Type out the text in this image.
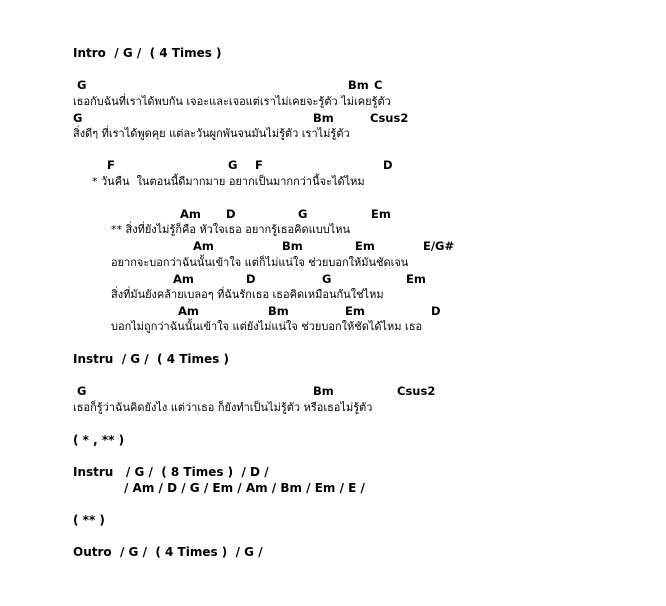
Intro  / G /  ( 4 Times )
G	Bm C
เธอกับฉันที่เราได้พบกัน เจอะและเจอแต่เราไม่เคยจะรู้ตัว ไม่เคยรู้ตัว
G	Bm	Csus2
สิ่งดีๆ ที่เราได้พูดคุย แต่ละวันผูกพันจนมันไม่รู้ตัว เราไม่รู้ตัว
F	G F	D
* วันคืน  ในตอนนี้ดีมากมาย อยากเป็นมากกว่านี้จะได้ไหม
Am D	G	Em
** สิ่งที่ยังไม่รู้ก็คือ หัวใจเธอ อยากรู้เธอคิดแบบไหน
Am	Bm	Em	E/G#
อยากจะบอกว่าฉันนั้นเข้าใจ แต่ก็ไม่แน่ใจ ช่วยบอกให้มันชัดเจน
Am	D	G	Em
สิ่งที่มันยังคล้ายเบลอๆ ที่ฉันรักเธอ เธอคิดเหมือนกันใช่ไหม
Am	Bm	Em	D
บอกไม่ถูกว่าฉันนั้นเข้าใจ แต่ยังไม่แน่ใจ ช่วยบอกให้ชัดได้ไหม เธอ
Instru  / G /  ( 4 Times )
G	Bm	Csus2
เธอก็รู้ว่าฉันคิดยังไง แต่ว่าเธอ ก็ยังทำเป็นไม่รู้ตัว หรือเธอไม่รู้ตัว
( * , ** )
Instru   / G /  ( 8 Times )  / D /
/ Am / D / G / Em / Am / Bm / Em / E /
( ** )
Outro  / G /  ( 4 Times )  / G /
